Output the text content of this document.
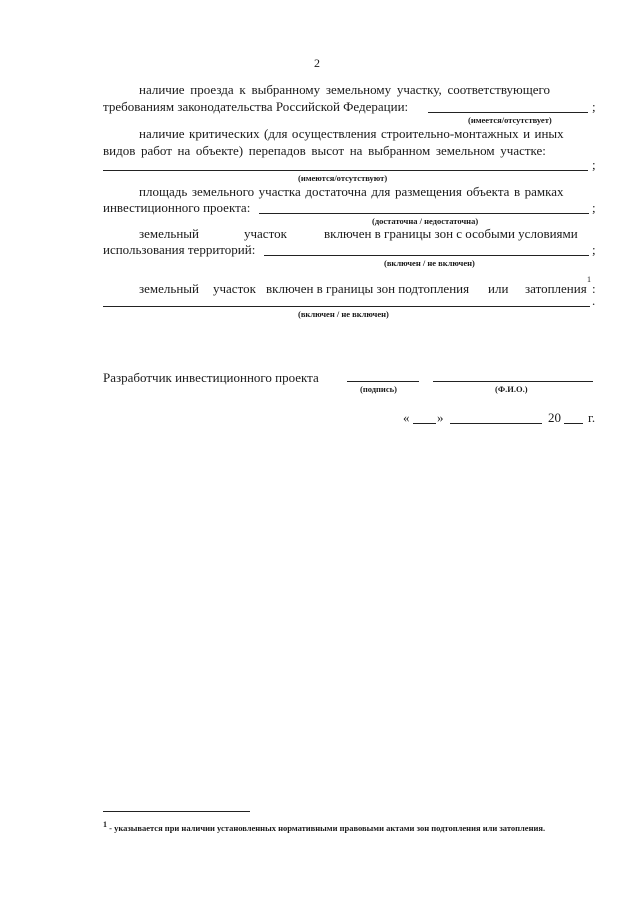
2
наличие проезда к выбранному земельному участку, соответствующего
требованиям законодательства Российской Федерации:	;
(имеется/отсутствует)
наличие критических (для осуществления строительно-монтажных и иных
видов работ на объекте) перепадов высот на выбранном земельном участке:
;
(имеются/отсутствуют)
площадь земельного участка достаточна для размещения объекта в рамках
инвестиционного проекта:	;
(достаточна / недостаточна)
земельный	участок	включен в границы зон с особыми условиями
использования территорий:	;
(включен / не включен)
земельный участок включен в границы зон подтопления или затопления
1
:
.
(включен / не включен)
Разработчик инвестиционного проекта
(подпись)	(Ф.И.О.)
« »	20 г.
1 - указывается при наличии установленных нормативными правовыми актами зон подтопления или затопления.
